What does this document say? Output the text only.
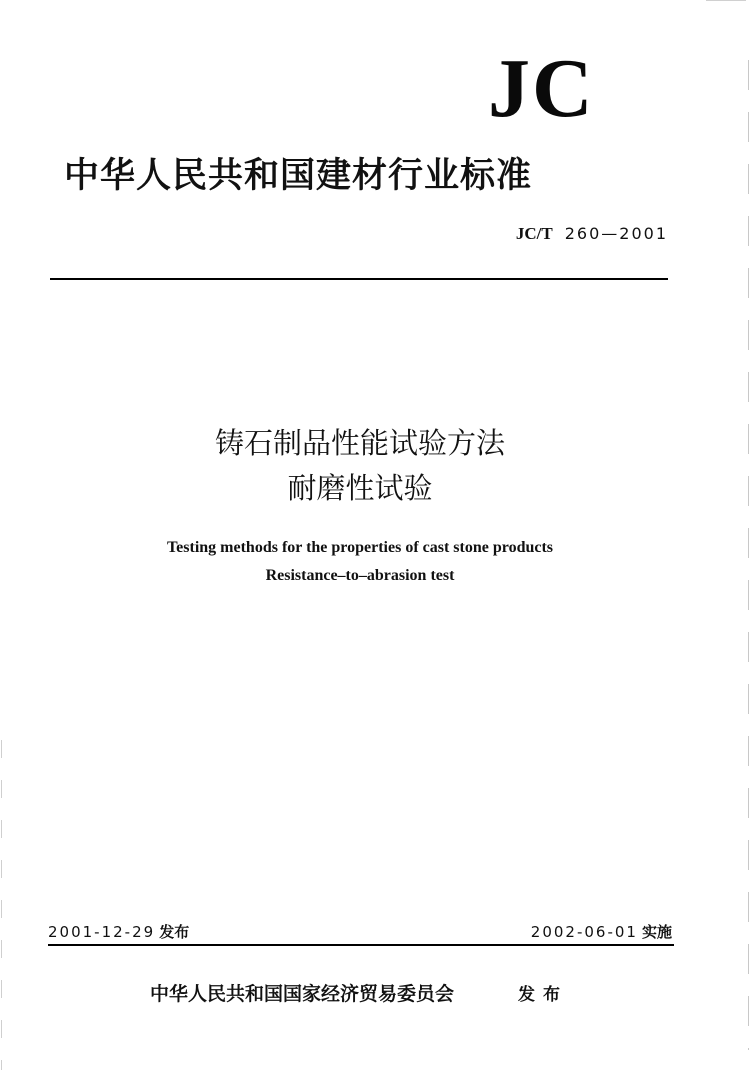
JC
中华人民共和国建材行业标准
JC/T 260—2001
铸石制品性能试验方法
耐磨性试验
Testing methods for the properties of cast stone products
Resistance–to–abrasion test
2001-12-29 发布	2002-06-01 实施
中华人民共和国国家经济贸易委员会	发布
